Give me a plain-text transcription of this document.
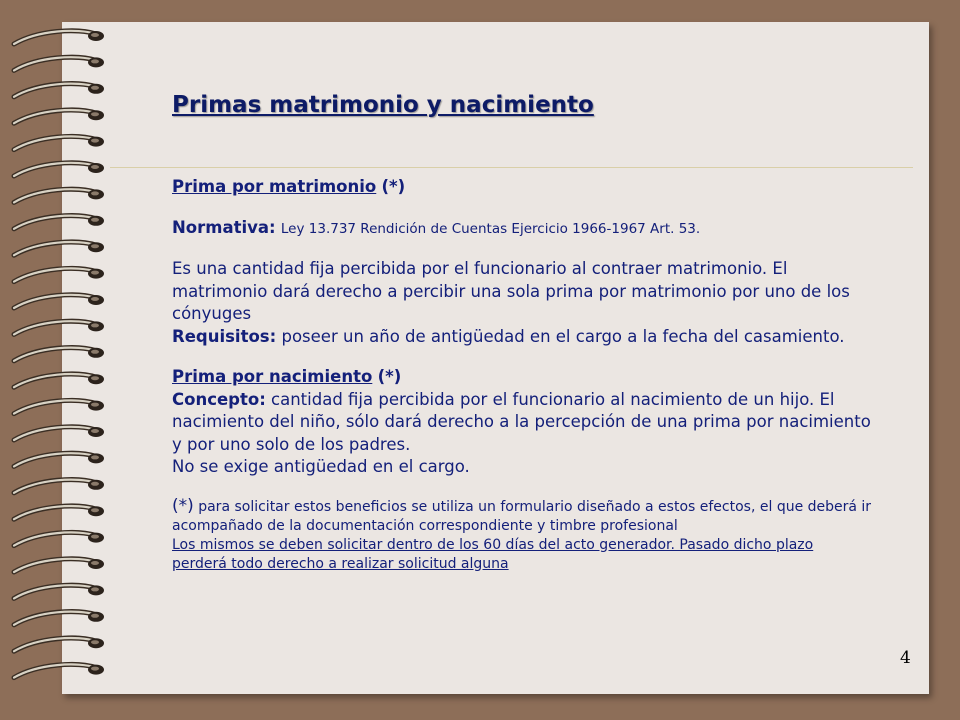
Primas matrimonio y nacimiento

Prima por matrimonio (*)

Normativa: Ley 13.737 Rendición de Cuentas Ejercicio 1966-1967 Art. 53.

Es una cantidad fija percibida por el funcionario al contraer matrimonio. El matrimonio dará derecho a percibir una sola prima por matrimonio por uno de los cónyuges

Requisitos: poseer un año de antigüedad en el cargo a la fecha del casamiento.

Prima por nacimiento (*)

Concepto: cantidad fija percibida por el funcionario al nacimiento de un hijo. El nacimiento del niño, sólo dará derecho a la percepción de una prima por nacimiento y por uno solo de los padres.

No se exige antigüedad en el cargo.

(*) para solicitar estos beneficios se utiliza un formulario diseñado a estos efectos, el que deberá ir acompañado de la documentación correspondiente y timbre profesional

Los mismos se deben solicitar dentro de los 60 días del acto generador. Pasado dicho plazo perderá todo derecho a realizar solicitud alguna

4
